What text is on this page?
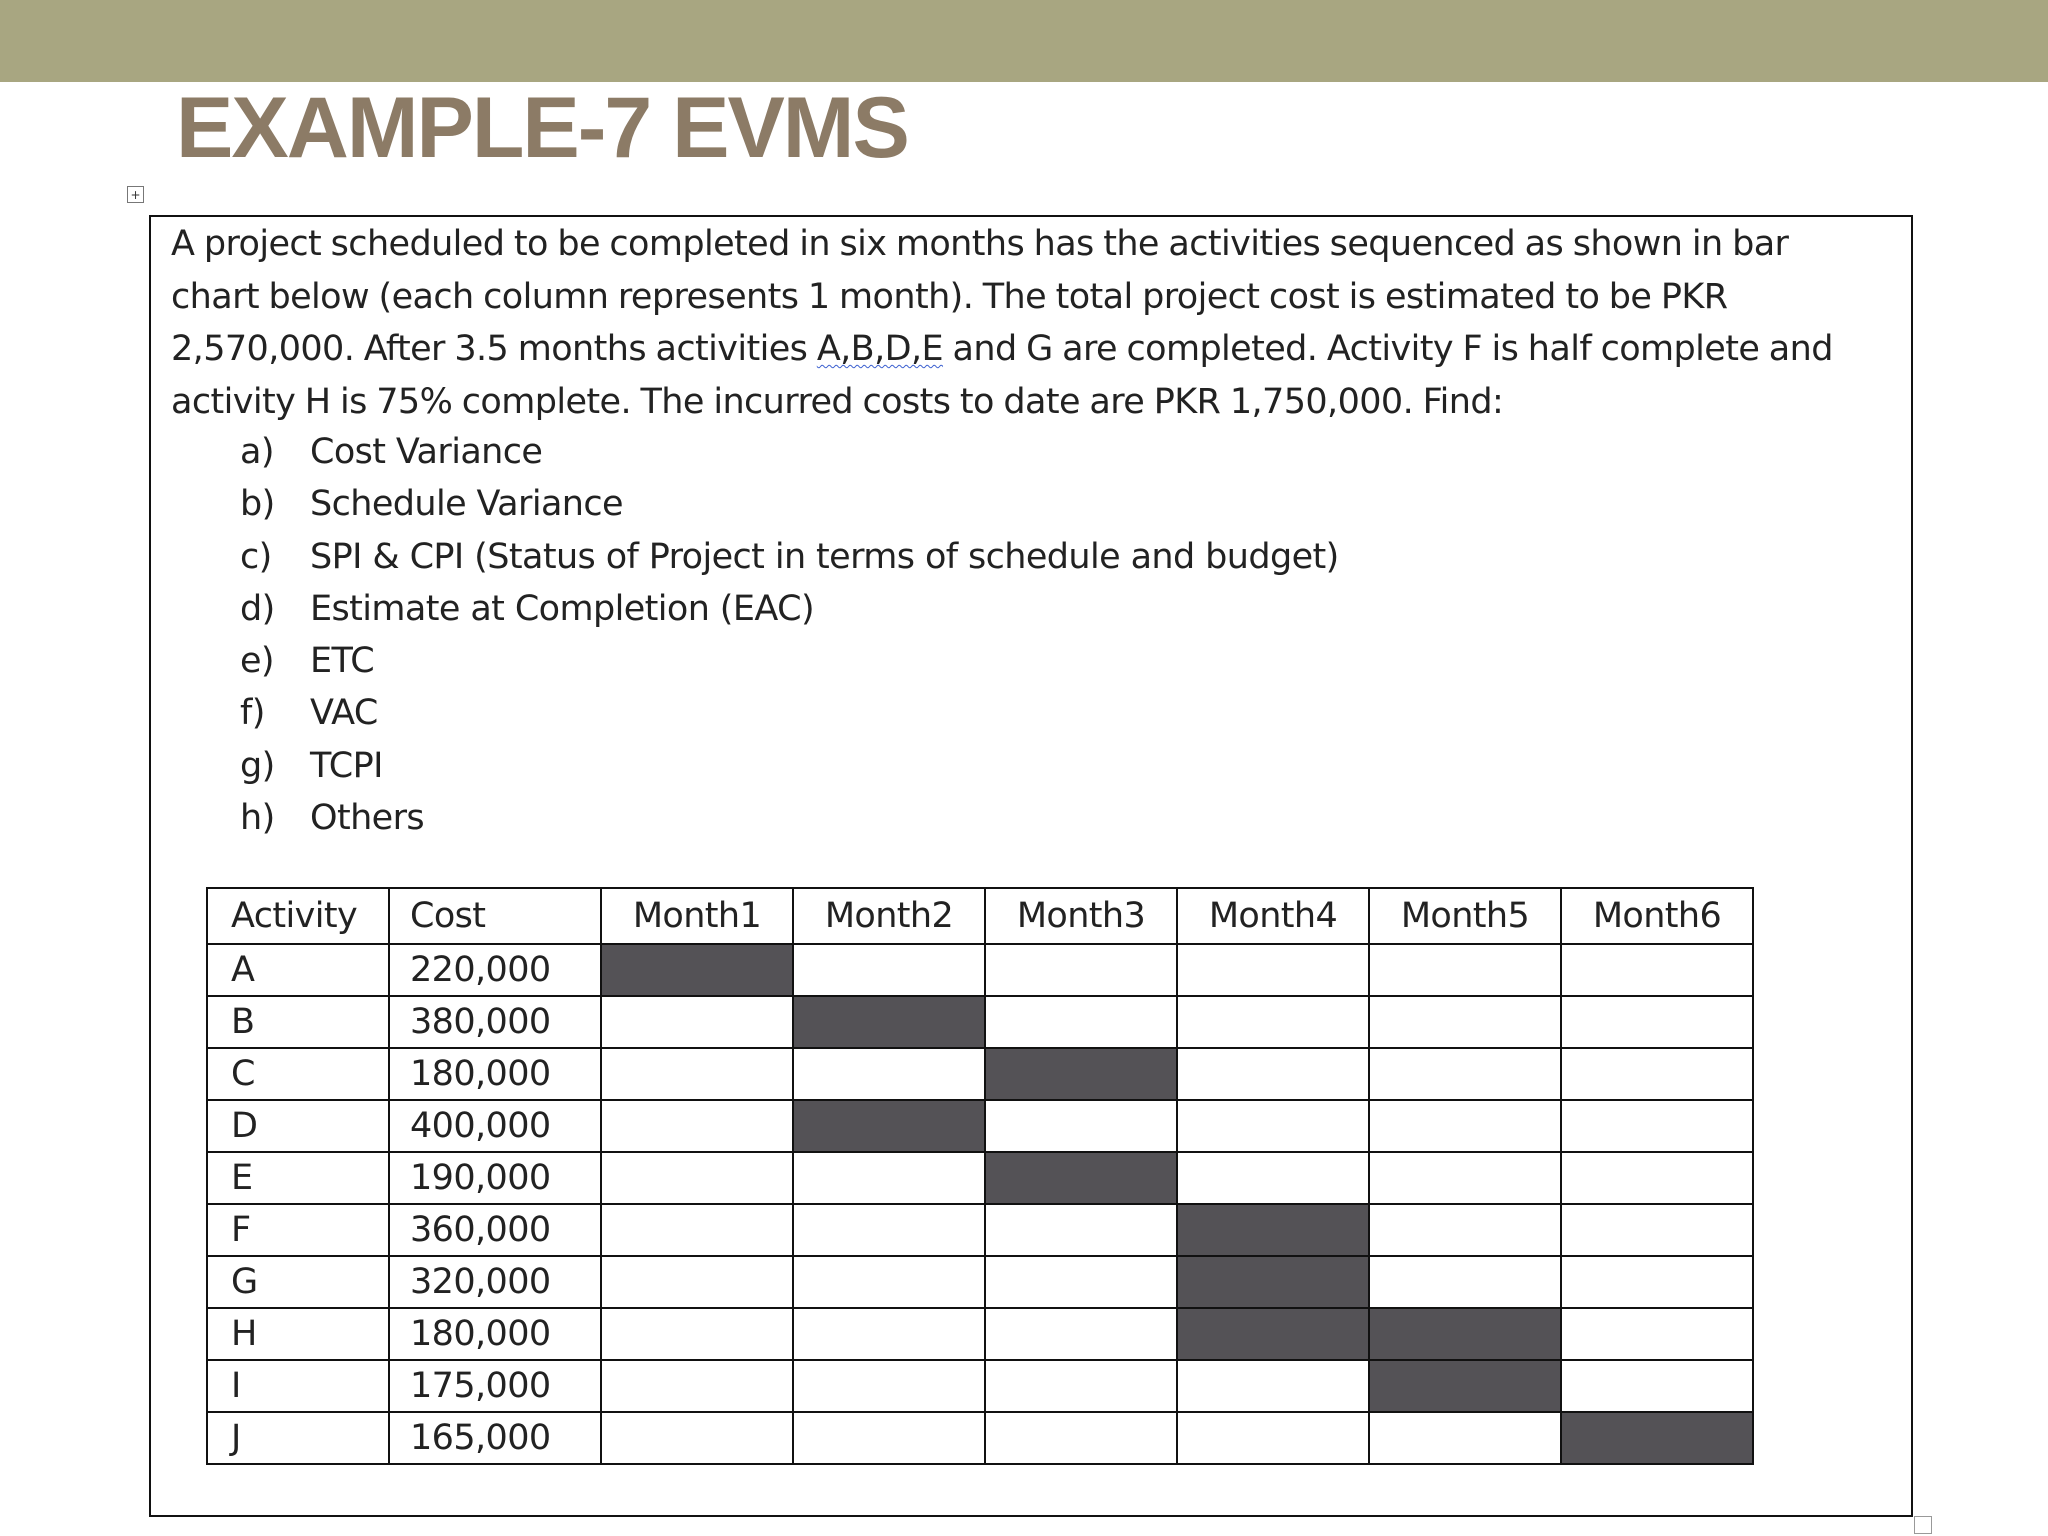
EXAMPLE-7 EVMS
+
A project scheduled to be completed in six months has the activities sequenced as shown in bar
chart below (each column represents 1 month). The total project cost is estimated to be PKR
2,570,000. After 3.5 months activities A,B,D,E and G are completed. Activity F is half complete and
activity H is 75% complete. The incurred costs to date are PKR 1,750,000. Find:
a) Cost Variance
b) Schedule Variance
c) SPI & CPI (Status of Project in terms of schedule and budget)
d) Estimate at Completion (EAC)
e) ETC
f) VAC
g) TCPI
h) Others
Activity	Cost	Month1	Month2	Month3	Month4	Month5	Month6
A	220,000						
B	380,000						
C	180,000						
D	400,000						
E	190,000						
F	360,000						
G	320,000						
H	180,000						
I	175,000						
J	165,000						
